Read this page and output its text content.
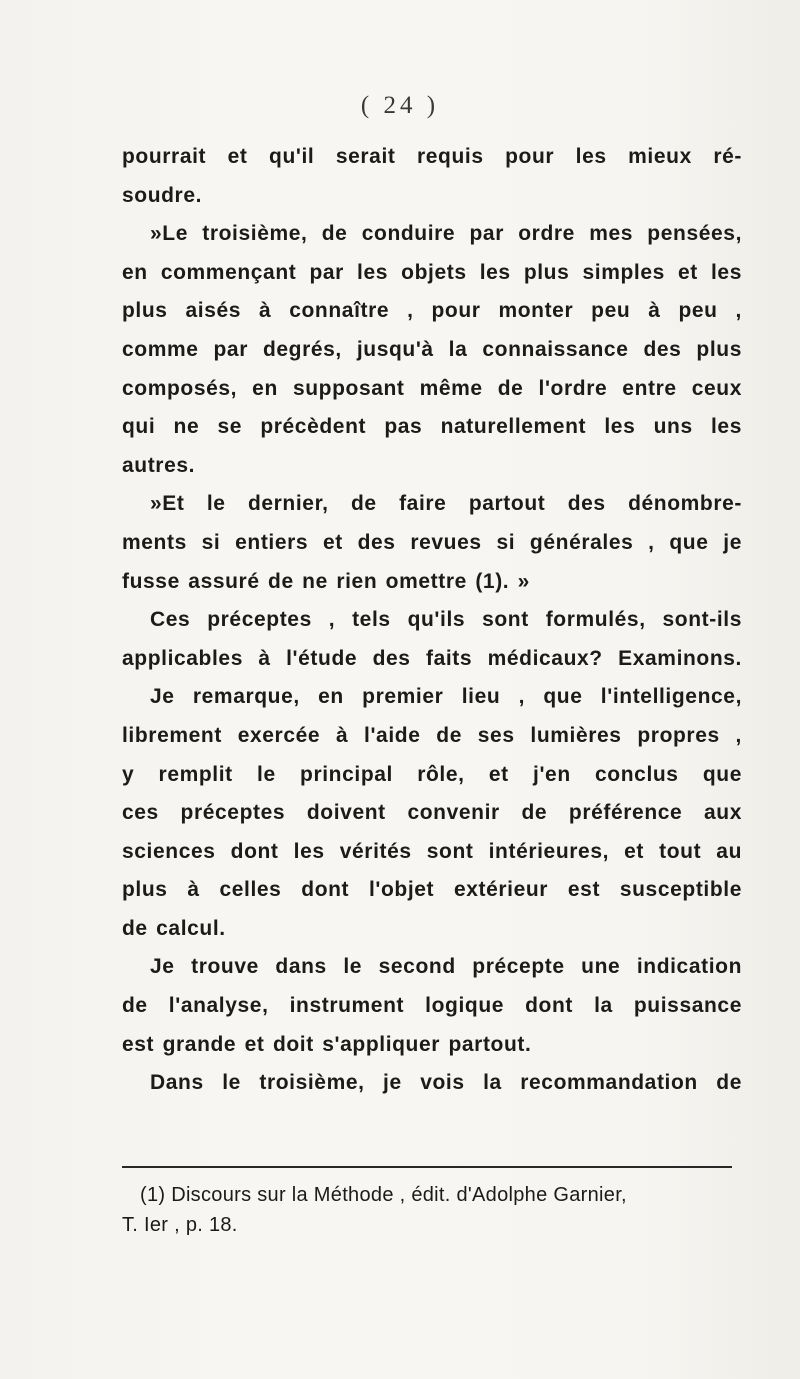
( 24 )
pourrait et qu'il serait requis pour les mieux ré-
soudre.
»Le troisième, de conduire par ordre mes pensées,
en commençant par les objets les plus simples et les
plus aisés à connaître , pour monter peu à peu ,
comme par degrés, jusqu'à la connaissance des plus
composés, en supposant même de l'ordre entre ceux
qui ne se précèdent pas naturellement les uns les
autres.
»Et le dernier, de faire partout des dénombre-
ments si entiers et des revues si générales , que je
fusse assuré de ne rien omettre (1). »
Ces préceptes , tels qu'ils sont formulés, sont-ils
applicables à l'étude des faits médicaux? Examinons.
Je remarque, en premier lieu , que l'intelligence,
librement exercée à l'aide de ses lumières propres ,
y remplit le principal rôle, et j'en conclus que
ces préceptes doivent convenir de préférence aux
sciences dont les vérités sont intérieures, et tout au
plus à celles dont l'objet extérieur est susceptible
de calcul.
Je trouve dans le second précepte une indication
de l'analyse, instrument logique dont la puissance
est grande et doit s'appliquer partout.
Dans le troisième, je vois la recommandation de
(1) Discours sur la Méthode , édit. d'Adolphe Garnier,
T. Ier , p. 18.
